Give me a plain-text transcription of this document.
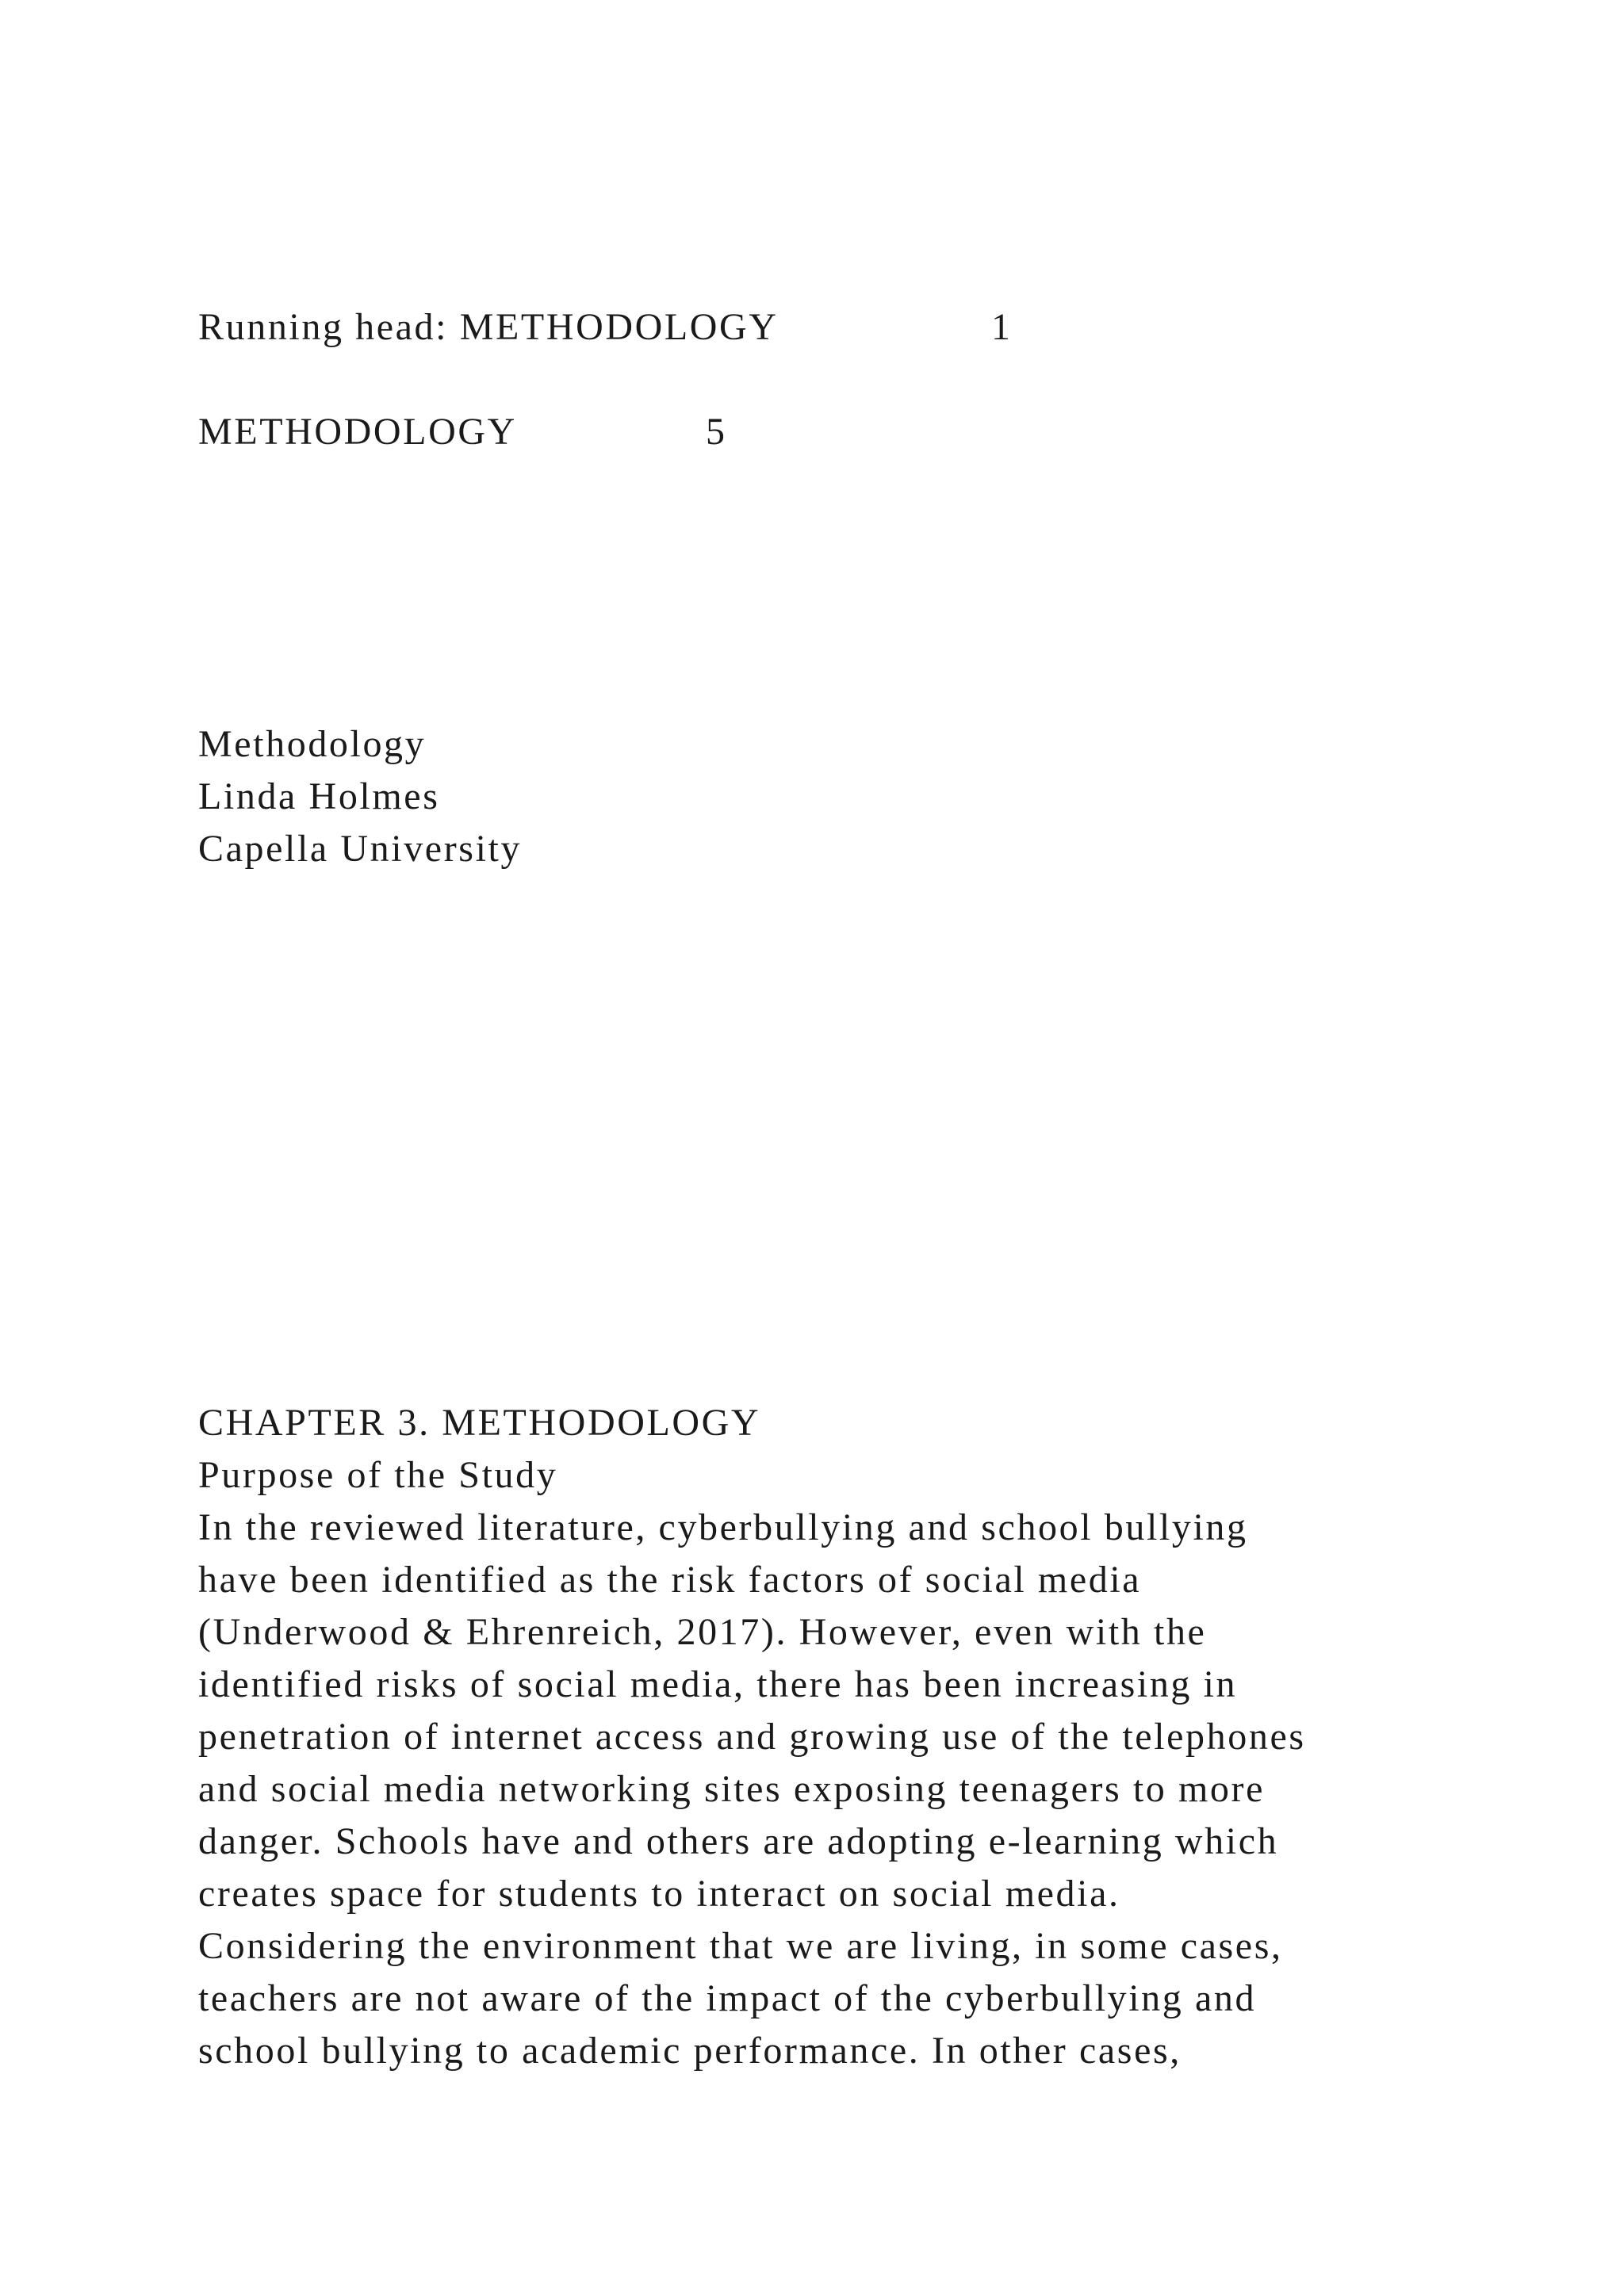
Running head: METHODOLOGY	1
METHODOLOGY	5
Methodology
Linda Holmes
Capella University
CHAPTER 3. METHODOLOGY
Purpose of the Study
In the reviewed literature, cyberbullying and school bullying
have been identified as the risk factors of social media
(Underwood & Ehrenreich, 2017). However, even with the
identified risks of social media, there has been increasing in
penetration of internet access and growing use of the telephones
and social media networking sites exposing teenagers to more
danger. Schools have and others are adopting e-learning which
creates space for students to interact on social media.
Considering the environment that we are living, in some cases,
teachers are not aware of the impact of the cyberbullying and
school bullying to academic performance. In other cases,
